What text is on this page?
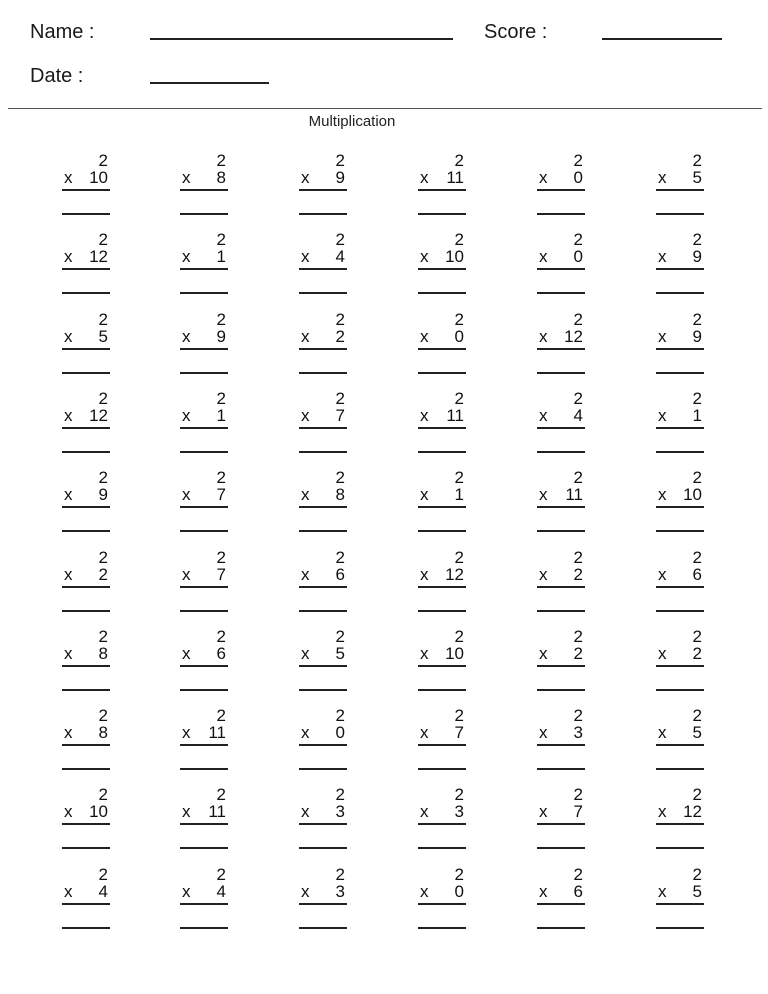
Name :	Score :
Date :
Multiplication
2
x 10
2
x 8
2
x 9
2
x 11
2
x 0
2
x 5
2
x 12
2
x 1
2
x 4
2
x 10
2
x 0
2
x 9
2
x 5
2
x 9
2
x 2
2
x 0
2
x 12
2
x 9
2
x 12
2
x 1
2
x 7
2
x 11
2
x 4
2
x 1
2
x 9
2
x 7
2
x 8
2
x 1
2
x 11
2
x 10
2
x 2
2
x 7
2
x 6
2
x 12
2
x 2
2
x 6
2
x 8
2
x 6
2
x 5
2
x 10
2
x 2
2
x 2
2
x 8
2
x 11
2
x 0
2
x 7
2
x 3
2
x 5
2
x 10
2
x 11
2
x 3
2
x 3
2
x 7
2
x 12
2
x 4
2
x 4
2
x 3
2
x 0
2
x 6
2
x 5
